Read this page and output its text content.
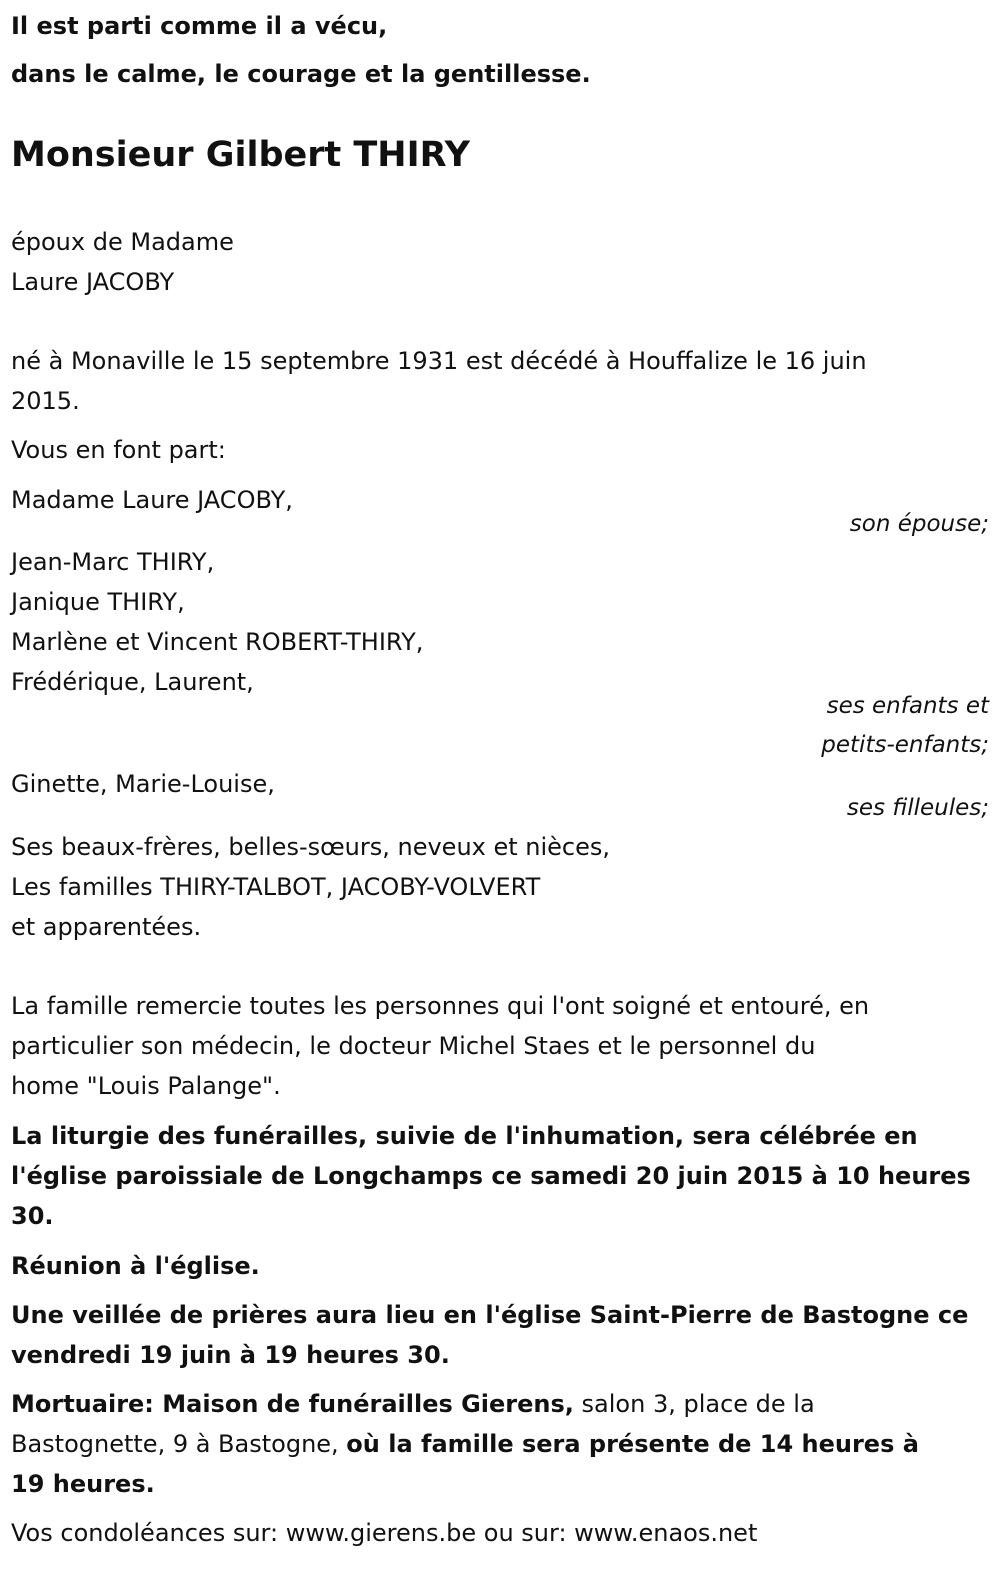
Il est parti comme il a vécu,
dans le calme, le courage et la gentillesse.
Monsieur Gilbert THIRY
époux de Madame
Laure JACOBY
né à Monaville le 15 septembre 1931 est décédé à Houffalize le 16 juin
2015.
Vous en font part:
Madame Laure JACOBY,
son épouse;
Jean-Marc THIRY,
Janique THIRY,
Marlène et Vincent ROBERT-THIRY,
Frédérique, Laurent,
ses enfants et
petits-enfants;
Ginette, Marie-Louise,
ses filleules;
Ses beaux-frères, belles-sœurs, neveux et nièces,
Les familles THIRY-TALBOT, JACOBY-VOLVERT
et apparentées.
La famille remercie toutes les personnes qui l'ont soigné et entouré, en
particulier son médecin, le docteur Michel Staes et le personnel du
home "Louis Palange".
La liturgie des funérailles, suivie de l'inhumation, sera célébrée en
l'église paroissiale de Longchamps ce samedi 20 juin 2015 à 10 heures
30.
Réunion à l'église.
Une veillée de prières aura lieu en l'église Saint-Pierre de Bastogne ce
vendredi 19 juin à 19 heures 30.
Mortuaire: Maison de funérailles Gierens, salon 3, place de la
Bastognette, 9 à Bastogne, où la famille sera présente de 14 heures à
19 heures.
Vos condoléances sur: www.gierens.be ou sur: www.enaos.net
